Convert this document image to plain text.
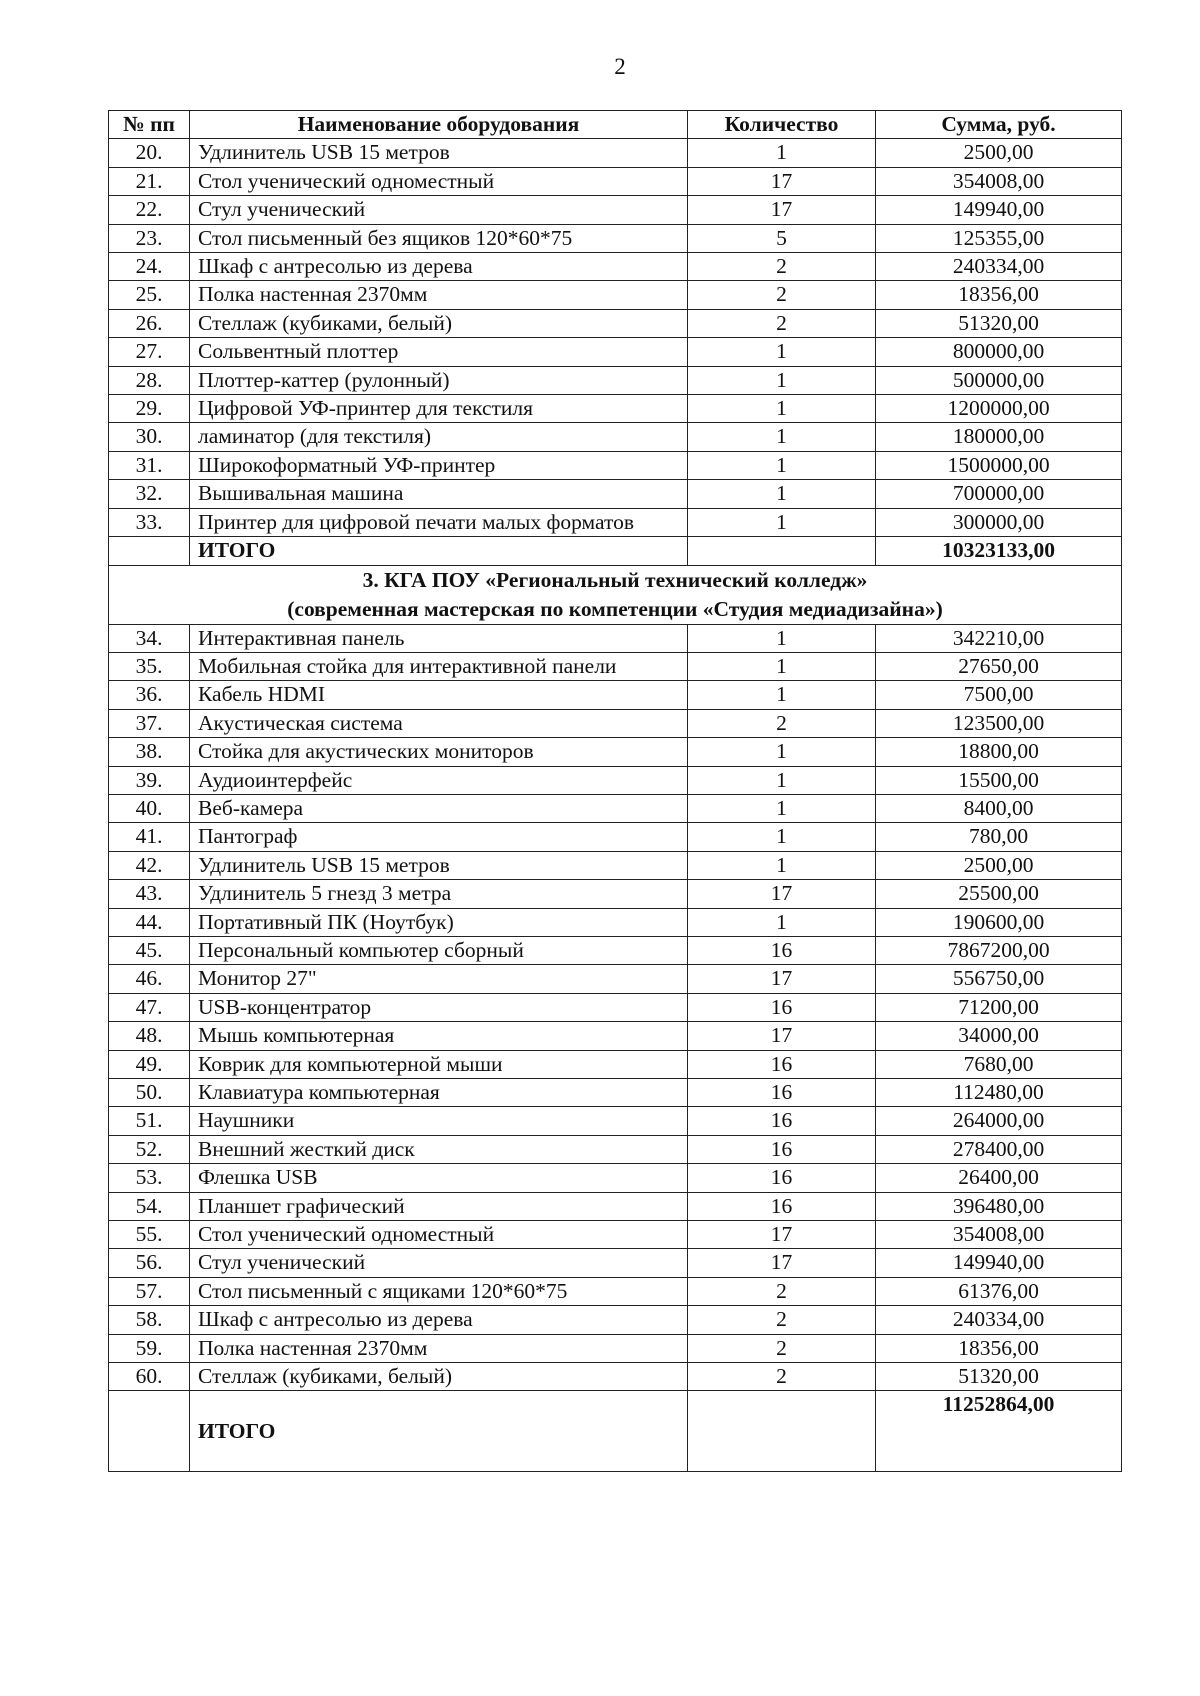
2
№ пп	Наименование оборудования	Количество	Сумма, руб.
20.	Удлинитель USB 15 метров	1	2500,00
21.	Стол ученический одноместный	17	354008,00
22.	Стул ученический	17	149940,00
23.	Стол письменный без ящиков 120*60*75	5	125355,00
24.	Шкаф с антресолью из дерева	2	240334,00
25.	Полка настенная 2370мм	2	18356,00
26.	Стеллаж (кубиками, белый)	2	51320,00
27.	Сольвентный плоттер	1	800000,00
28.	Плоттер-каттер (рулонный)	1	500000,00
29.	Цифровой УФ-принтер для текстиля	1	1200000,00
30.	ламинатор (для текстиля)	1	180000,00
31.	Широкоформатный УФ-принтер	1	1500000,00
32.	Вышивальная машина	1	700000,00
33.	Принтер для цифровой печати малых форматов	1	300000,00
	ИТОГО		10323133,00

3. КГА ПОУ «Региональный технический колледж»
(современная мастерская по компетенции «Студия медиадизайна»)			

34.	Интерактивная панель	1	342210,00
35.	Мобильная стойка для интерактивной панели	1	27650,00
36.	Кабель HDMI	1	7500,00
37.	Акустическая система	2	123500,00
38.	Стойка для акустических мониторов	1	18800,00
39.	Аудиоинтерфейс	1	15500,00
40.	Веб-камера	1	8400,00
41.	Пантограф	1	780,00
42.	Удлинитель USB 15 метров	1	2500,00
43.	Удлинитель 5 гнезд 3 метра	17	25500,00
44.	Портативный ПК (Ноутбук)	1	190600,00
45.	Персональный компьютер сборный	16	7867200,00
46.	Монитор 27"	17	556750,00
47.	USB-концентратор	16	71200,00
48.	Мышь компьютерная	17	34000,00
49.	Коврик для компьютерной мыши	16	7680,00
50.	Клавиатура компьютерная	16	112480,00
51.	Наушники	16	264000,00
52.	Внешний жесткий диск	16	278400,00
53.	Флешка USB	16	26400,00
54.	Планшет графический	16	396480,00
55.	Стол ученический одноместный	17	354008,00
56.	Стул ученический	17	149940,00
57.	Стол письменный с ящиками 120*60*75	2	61376,00
58.	Шкаф с антресолью из дерева	2	240334,00
59.	Полка настенная 2370мм	2	18356,00
60.	Стеллаж (кубиками, белый)	2	51320,00
	ИТОГО		11252864,00
